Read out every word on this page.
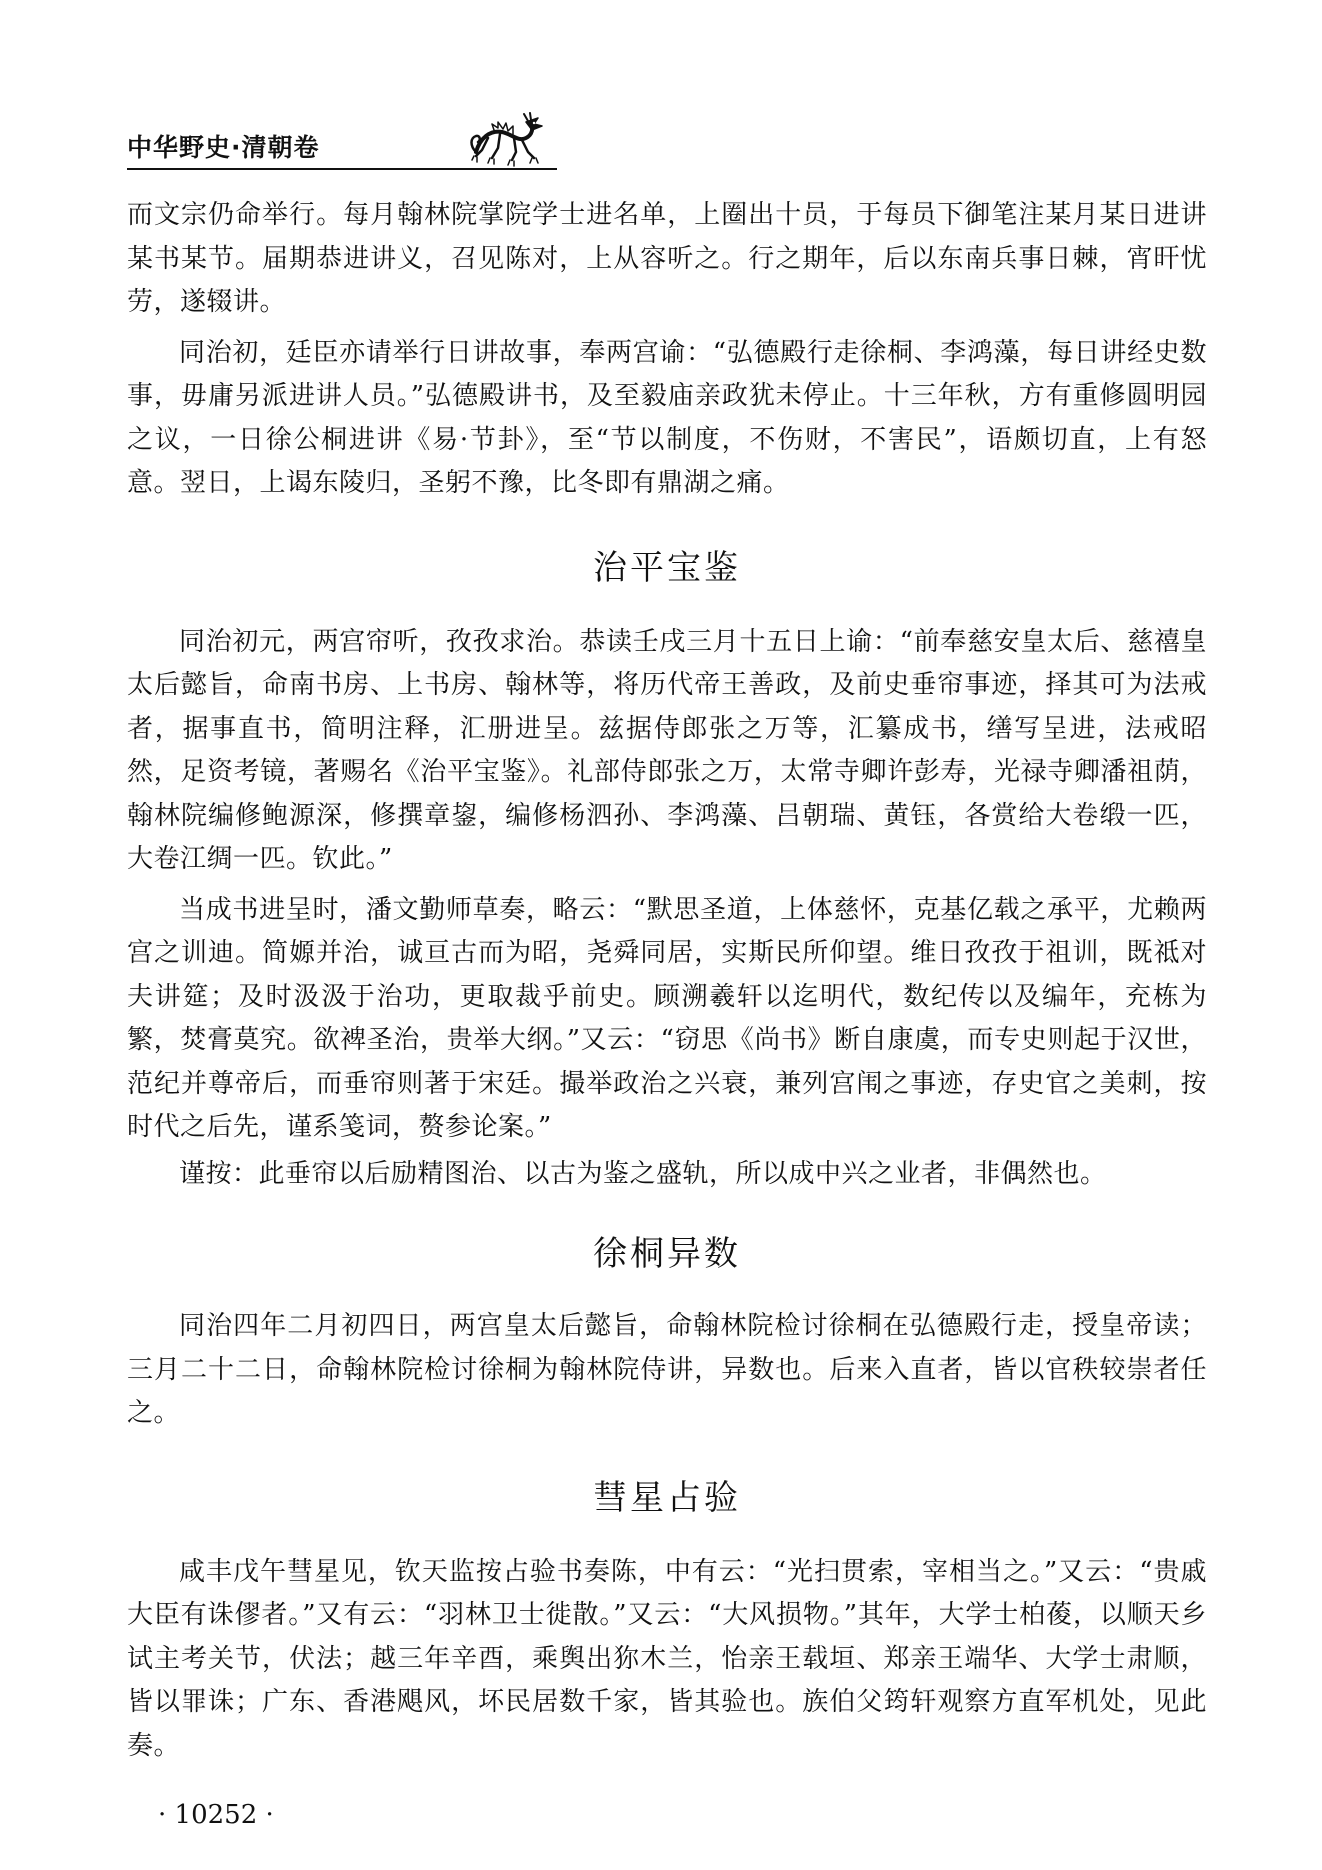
中华野史·清朝卷

而文宗仍命举行。每月翰林院掌院学士进名单，上圈出十员，于每员下御笔注某月某日进讲某书某节。届期恭进讲义，召见陈对，上从容听之。行之期年，后以东南兵事日棘，宵旰忧劳，遂辍讲。

同治初，廷臣亦请举行日讲故事，奉两宫谕：“弘德殿行走徐桐、李鸿藻，每日讲经史数事，毋庸另派进讲人员。”弘德殿讲书，及至毅庙亲政犹未停止。十三年秋，方有重修圆明园之议，一日徐公桐进讲《易·节卦》，至“节以制度，不伤财，不害民”，语颇切直，上有怒意。翌日，上谒东陵归，圣躬不豫，比冬即有鼎湖之痛。

治平宝鉴

同治初元，两宫帘听，孜孜求治。恭读壬戌三月十五日上谕：“前奉慈安皇太后、慈禧皇太后懿旨，命南书房、上书房、翰林等，将历代帝王善政，及前史垂帘事迹，择其可为法戒者，据事直书，简明注释，汇册进呈。兹据侍郎张之万等，汇纂成书，缮写呈进，法戒昭然，足资考镜，著赐名《治平宝鉴》。礼部侍郎张之万，太常寺卿许彭寿，光禄寺卿潘祖荫，翰林院编修鲍源深，修撰章鋆，编修杨泗孙、李鸿藻、吕朝瑞、黄钰，各赏给大卷缎一匹，大卷江绸一匹。钦此。”

当成书进呈时，潘文勤师草奏，略云：“默思圣道，上体慈怀，克基亿载之承平，尤赖两宫之训迪。简嫄并治，诚亘古而为昭，尧舜同居，实斯民所仰望。维日孜孜于祖训，既祗对夫讲筵；及时汲汲于治功，更取裁乎前史。顾溯羲轩以迄明代，数纪传以及编年，充栋为繁，焚膏莫究。欲裨圣治，贵举大纲。”又云：“窃思《尚书》断自康虞，而专史则起于汉世，范纪并尊帝后，而垂帘则著于宋廷。撮举政治之兴衰，兼列宫闱之事迹，存史官之美刺，按时代之后先，谨系笺词，赘参论案。”

谨按：此垂帘以后励精图治、以古为鉴之盛轨，所以成中兴之业者，非偶然也。

徐桐异数

同治四年二月初四日，两宫皇太后懿旨，命翰林院检讨徐桐在弘德殿行走，授皇帝读；三月二十二日，命翰林院检讨徐桐为翰林院侍讲，异数也。后来入直者，皆以官秩较崇者任之。

彗星占验

咸丰戊午彗星见，钦天监按占验书奏陈，中有云：“光扫贯索，宰相当之。”又云：“贵戚大臣有诛僇者。”又有云：“羽林卫士徙散。”又云：“大风损物。”其年，大学士柏葰，以顺天乡试主考关节，伏法；越三年辛酉，乘舆出狝木兰，怡亲王载垣、郑亲王端华、大学士肃顺，皆以罪诛；广东、香港飓风，坏民居数千家，皆其验也。族伯父筠轩观察方直军机处，见此奏。

· 10252 ·
